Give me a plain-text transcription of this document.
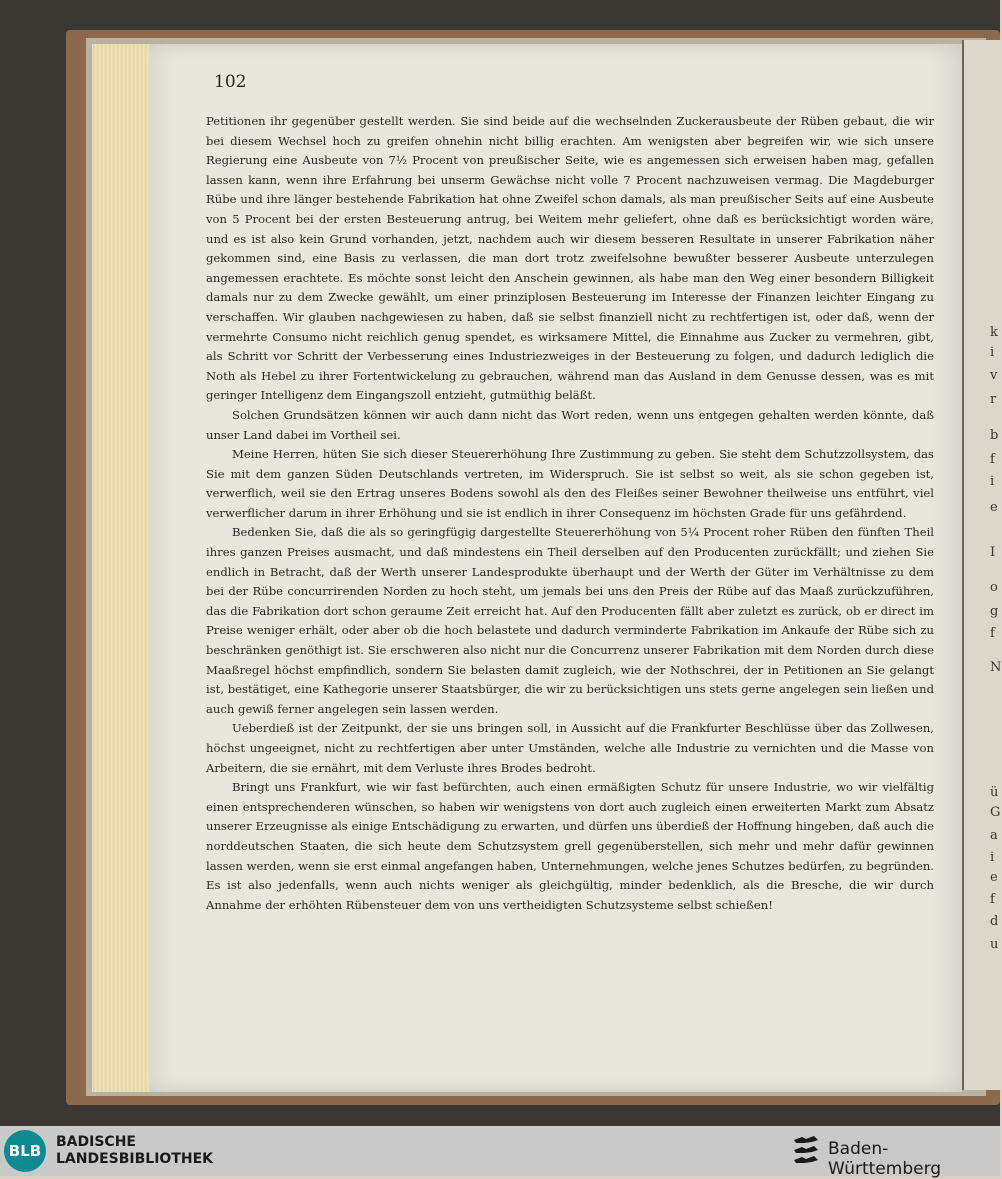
k
i
v
r
b
f
i
e
I
o
g
f
N
ü
G
a
i
e
f
d
u
102

Petitionen ihr gegenüber gestellt werden. Sie sind beide auf die wechselnden Zuckerausbeute der Rüben gebaut, die wir bei diesem Wechsel hoch zu greifen ohnehin nicht billig erachten. Am wenigsten aber begreifen wir, wie sich unsere Regierung eine Ausbeute von 7½ Procent von preußischer Seite, wie es angemessen sich erweisen haben mag, gefallen lassen kann, wenn ihre Erfahrung bei unserm Gewächse nicht volle 7 Procent nachzuweisen vermag. Die Magdeburger Rübe und ihre länger bestehende Fabrikation hat ohne Zweifel schon damals, als man preußischer Seits auf eine Ausbeute von 5 Procent bei der ersten Besteuerung antrug, bei Weitem mehr geliefert, ohne daß es berücksichtigt worden wäre, und es ist also kein Grund vorhanden, jetzt, nachdem auch wir diesem besseren Resultate in unserer Fabrikation näher gekommen sind, eine Basis zu verlassen, die man dort trotz zweifelsohne bewußter besserer Ausbeute unterzulegen angemessen erachtete. Es möchte sonst leicht den Anschein gewinnen, als habe man den Weg einer besondern Billigkeit damals nur zu dem Zwecke gewählt, um einer prinziplosen Besteuerung im Interesse der Finanzen leichter Eingang zu verschaffen. Wir glauben nachgewiesen zu haben, daß sie selbst finanziell nicht zu rechtfertigen ist, oder daß, wenn der vermehrte Consumo nicht reichlich genug spendet, es wirksamere Mittel, die Einnahme aus Zucker zu vermehren, gibt, als Schritt vor Schritt der Verbesserung eines Industriezweiges in der Besteuerung zu folgen, und dadurch lediglich die Noth als Hebel zu ihrer Fortentwickelung zu gebrauchen, während man das Ausland in dem Genusse dessen, was es mit geringer Intelligenz dem Eingangszoll entzieht, gutmüthig beläßt.

Solchen Grundsätzen können wir auch dann nicht das Wort reden, wenn uns entgegen gehalten werden könnte, daß unser Land dabei im Vortheil sei.

Meine Herren, hüten Sie sich dieser Steuererhöhung Ihre Zustimmung zu geben. Sie steht dem Schutzzollsystem, das Sie mit dem ganzen Süden Deutschlands vertreten, im Widerspruch. Sie ist selbst so weit, als sie schon gegeben ist, verwerflich, weil sie den Ertrag unseres Bodens sowohl als den des Fleißes seiner Bewohner theilweise uns entführt, viel verwerflicher darum in ihrer Erhöhung und sie ist endlich in ihrer Consequenz im höchsten Grade für uns gefährdend.

Bedenken Sie, daß die als so geringfügig dargestellte Steuererhöhung von 5¼ Procent roher Rüben den fünften Theil ihres ganzen Preises ausmacht, und daß mindestens ein Theil derselben auf den Producenten zurückfällt; und ziehen Sie endlich in Betracht, daß der Werth unserer Landesprodukte überhaupt und der Werth der Güter im Verhältnisse zu dem bei der Rübe concurrirenden Norden zu hoch steht, um jemals bei uns den Preis der Rübe auf das Maaß zurückzuführen, das die Fabrikation dort schon geraume Zeit erreicht hat. Auf den Producenten fällt aber zuletzt es zurück, ob er direct im Preise weniger erhält, oder aber ob die hoch belastete und dadurch verminderte Fabrikation im Ankaufe der Rübe sich zu beschränken genöthigt ist. Sie erschweren also nicht nur die Concurrenz unserer Fabrikation mit dem Norden durch diese Maaßregel höchst empfindlich, sondern Sie belasten damit zugleich, wie der Nothschrei, der in Petitionen an Sie gelangt ist, bestätiget, eine Kathegorie unserer Staatsbürger, die wir zu berücksichtigen uns stets gerne angelegen sein ließen und auch gewiß ferner angelegen sein lassen werden.

Ueberdieß ist der Zeitpunkt, der sie uns bringen soll, in Aussicht auf die Frankfurter Beschlüsse über das Zollwesen, höchst ungeeignet, nicht zu rechtfertigen aber unter Umständen, welche alle Industrie zu vernichten und die Masse von Arbeitern, die sie ernährt, mit dem Verluste ihres Brodes bedroht.

Bringt uns Frankfurt, wie wir fast befürchten, auch einen ermäßigten Schutz für unsere Industrie, wo wir vielfältig einen entsprechenderen wünschen, so haben wir wenigstens von dort auch zugleich einen erweiterten Markt zum Absatz unserer Erzeugnisse als einige Entschädigung zu erwarten, und dürfen uns überdieß der Hoffnung hingeben, daß auch die norddeutschen Staaten, die sich heute dem Schutzsystem grell gegenüberstellen, sich mehr und mehr dafür gewinnen lassen werden, wenn sie erst einmal angefangen haben, Unternehmungen, welche jenes Schutzes bedürfen, zu begründen. Es ist also jedenfalls, wenn auch nichts weniger als gleichgültig, minder bedenklich, als die Bresche, die wir durch Annahme der erhöhten Rübensteuer dem von uns vertheidigten Schutzsysteme selbst schießen!

BLB	BADISCHE
LANDESBIBLIOTHEK	Baden-Württemberg
